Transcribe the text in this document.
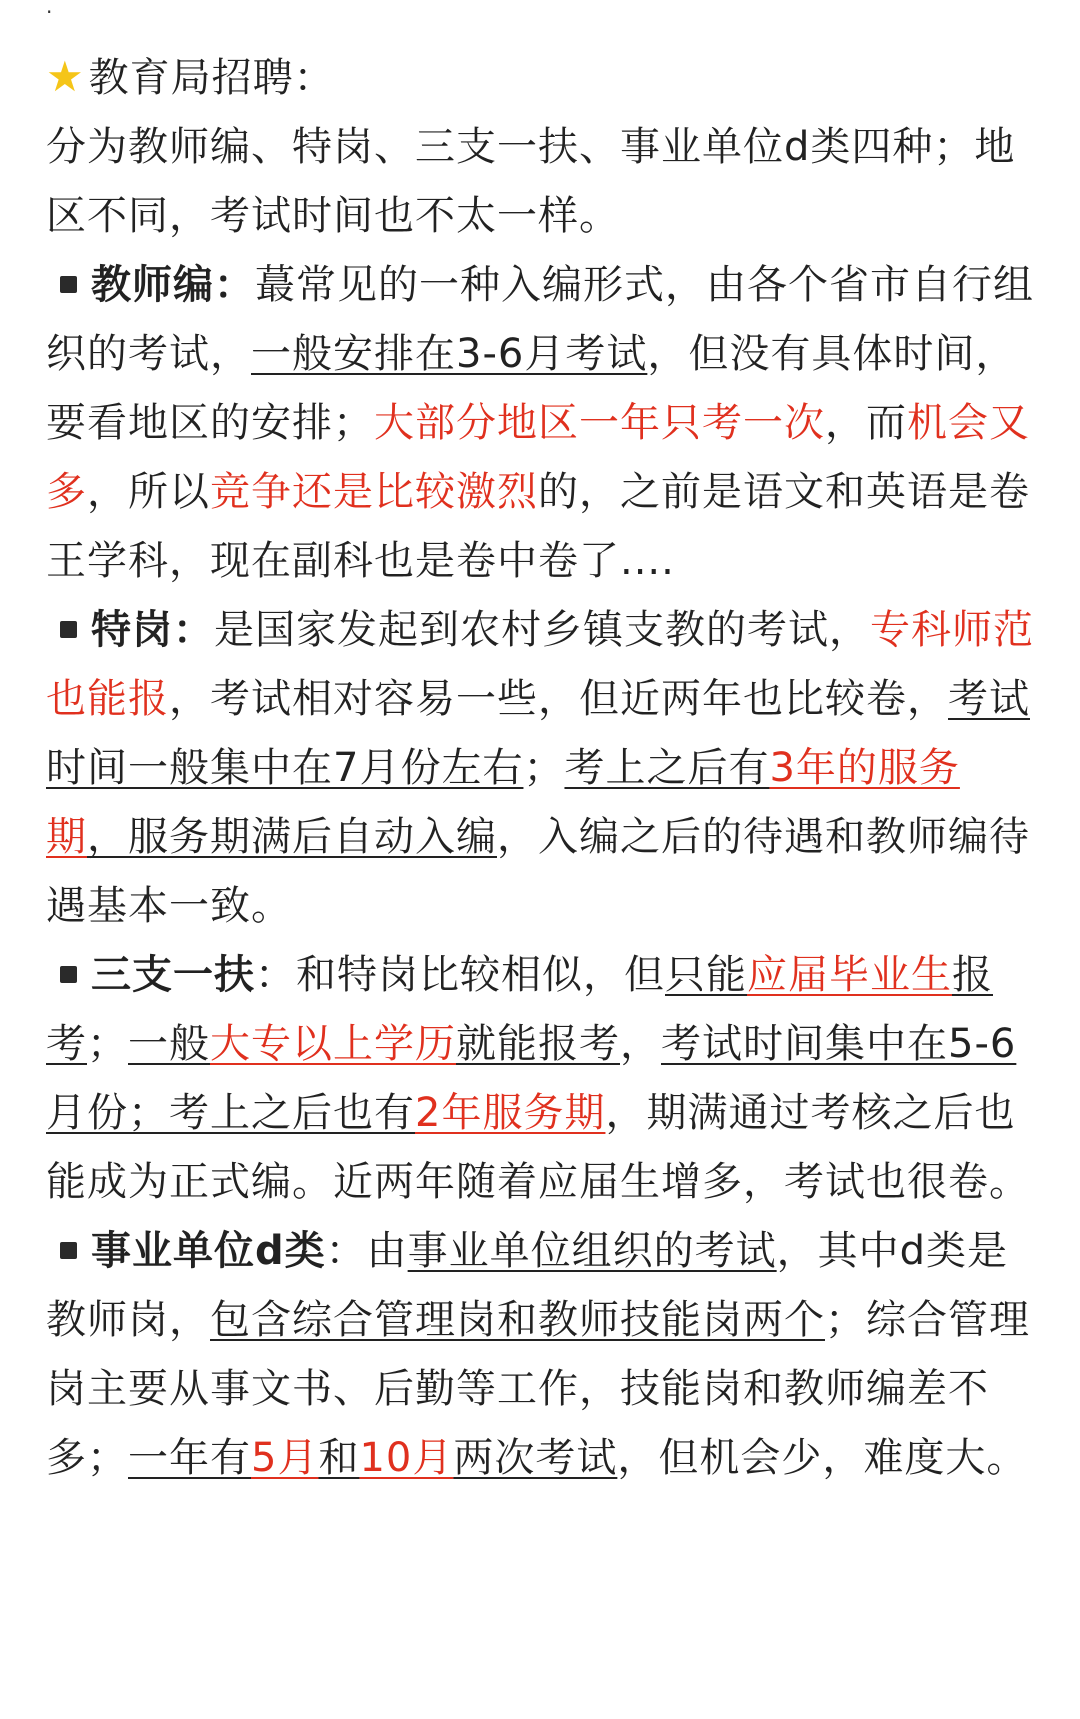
·

★ 教育局招聘：

分为教师编、特岗、三支一扶、事业单位d类四种；地区不同，考试时间也不太一样。

教师编：蕞常见的一种入编形式，由各个省市自行组织的考试，一般安排在3-6月考试，但没有具体时间，要看地区的安排；大部分地区一年只考一次，而机会又多，所以竞争还是比较激烈的，之前是语文和英语是卷王学科，现在副科也是卷中卷了....

特岗：是国家发起到农村乡镇支教的考试，专科师范也能报，考试相对容易一些，但近两年也比较卷，考试时间一般集中在7月份左右；考上之后有3年的服务期，服务期满后自动入编，入编之后的待遇和教师编待遇基本一致。

三支一扶：和特岗比较相似，但只能应届毕业生报考；一般大专以上学历就能报考，考试时间集中在5-6月份；考上之后也有2年服务期，期满通过考核之后也能成为正式编。近两年随着应届生增多，考试也很卷。

事业单位d类：由事业单位组织的考试，其中d类是教师岗，包含综合管理岗和教师技能岗两个；综合管理岗主要从事文书、后勤等工作，技能岗和教师编差不多；一年有5月和10月两次考试，但机会少，难度大。
